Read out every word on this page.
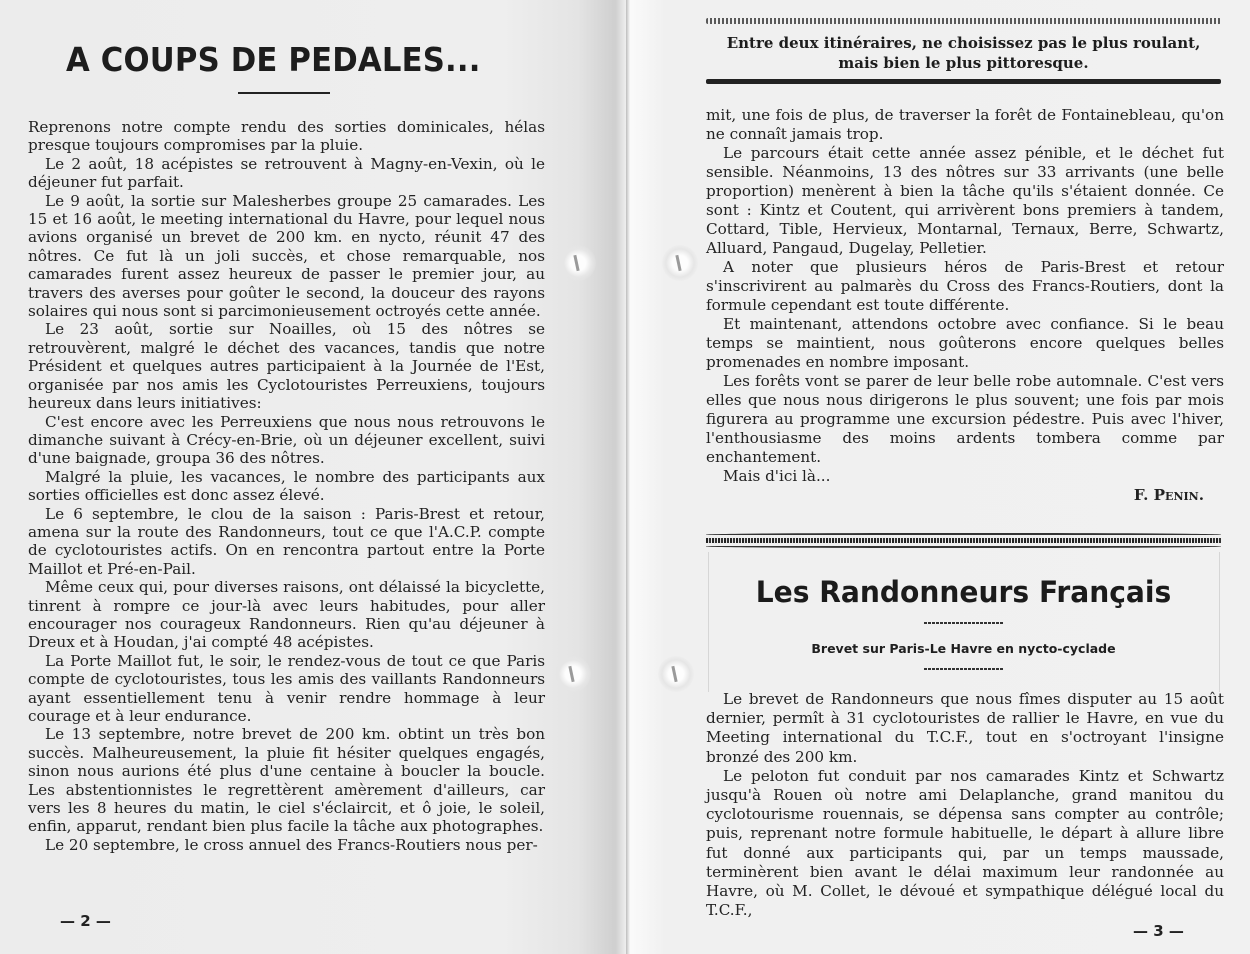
A COUPS DE PEDALES...

Reprenons notre compte rendu des sorties dominicales, hélas presque toujours compromises par la pluie.

Le 2 août, 18 acépistes se retrouvent à Magny-en-Vexin, où le déjeuner fut parfait.

Le 9 août, la sortie sur Malesherbes groupe 25 camarades. Les 15 et 16 août, le meeting international du Havre, pour lequel nous avions organisé un brevet de 200 km. en nycto, réunit 47 des nôtres. Ce fut là un joli succès, et chose remarquable, nos camarades furent assez heureux de passer le premier jour, au travers des averses pour goûter le second, la douceur des rayons solaires qui nous sont si parcimonieusement octroyés cette année.

Le 23 août, sortie sur Noailles, où 15 des nôtres se retrouvèrent, malgré le déchet des vacances, tandis que notre Président et quelques autres participaient à la Journée de l'Est, organisée par nos amis les Cyclotouristes Perreuxiens, toujours heureux dans leurs initiatives:

C'est encore avec les Perreuxiens que nous nous retrouvons le dimanche suivant à Crécy-en-Brie, où un déjeuner excellent, suivi d'une baignade, groupa 36 des nôtres.

Malgré la pluie, les vacances, le nombre des participants aux sorties officielles est donc assez élevé.

Le 6 septembre, le clou de la saison : Paris-Brest et retour, amena sur la route des Randonneurs, tout ce que l'A.C.P. compte de cyclotouristes actifs. On en rencontra partout entre la Porte Maillot et Pré-en-Pail.

Même ceux qui, pour diverses raisons, ont délaissé la bicyclette, tinrent à rompre ce jour-là avec leurs habitudes, pour aller encourager nos courageux Randonneurs. Rien qu'au déjeuner à Dreux et à Houdan, j'ai compté 48 acépistes.

La Porte Maillot fut, le soir, le rendez-vous de tout ce que Paris compte de cyclotouristes, tous les amis des vaillants Randonneurs ayant essentiellement tenu à venir rendre hommage à leur courage et à leur endurance.

Le 13 septembre, notre brevet de 200 km. obtint un très bon succès. Malheureusement, la pluie fit hésiter quelques engagés, sinon nous aurions été plus d'une centaine à boucler la boucle. Les abstentionnistes le regrettèrent amèrement d'ailleurs, car vers les 8 heures du matin, le ciel s'éclaircit, et ô joie, le soleil, enfin, apparut, rendant bien plus facile la tâche aux photographes.

Le 20 septembre, le cross annuel des Francs-Routiers nous per-

— 2 —
Entre deux itinéraires, ne choisissez pas le plus roulant, mais bien le plus pittoresque.

mit, une fois de plus, de traverser la forêt de Fontainebleau, qu'on ne connaît jamais trop.

Le parcours était cette année assez pénible, et le déchet fut sensible. Néanmoins, 13 des nôtres sur 33 arrivants (une belle proportion) menèrent à bien la tâche qu'ils s'étaient donnée. Ce sont : Kintz et Coutent, qui arrivèrent bons premiers à tandem, Cottard, Tible, Hervieux, Montarnal, Ternaux, Berre, Schwartz, Alluard, Pangaud, Dugelay, Pelletier.

A noter que plusieurs héros de Paris-Brest et retour s'inscrivirent au palmarès du Cross des Francs-Routiers, dont la formule cependant est toute différente.

Et maintenant, attendons octobre avec confiance. Si le beau temps se maintient, nous goûterons encore quelques belles promenades en nombre imposant.

Les forêts vont se parer de leur belle robe automnale. C'est vers elles que nous nous dirigerons le plus souvent; une fois par mois figurera au programme une excursion pédestre. Puis avec l'hiver, l'enthousiasme des moins ardents tombera comme par enchantement.

Mais d'ici là...

F. Penin.
Les Randonneurs Français
Brevet sur Paris-Le Havre en nycto-cyclade

Le brevet de Randonneurs que nous fîmes disputer au 15 août dernier, permît à 31 cyclotouristes de rallier le Havre, en vue du Meeting international du T.C.F., tout en s'octroyant l'insigne bronzé des 200 km.

Le peloton fut conduit par nos camarades Kintz et Schwartz jusqu'à Rouen où notre ami Delaplanche, grand manitou du cyclotourisme rouennais, se dépensa sans compter au contrôle; puis, reprenant notre formule habituelle, le départ à allure libre fut donné aux participants qui, par un temps maussade, terminèrent bien avant le délai maximum leur randonnée au Havre, où M. Collet, le dévoué et sympathique délégué local du T.C.F.,

— 3 —
